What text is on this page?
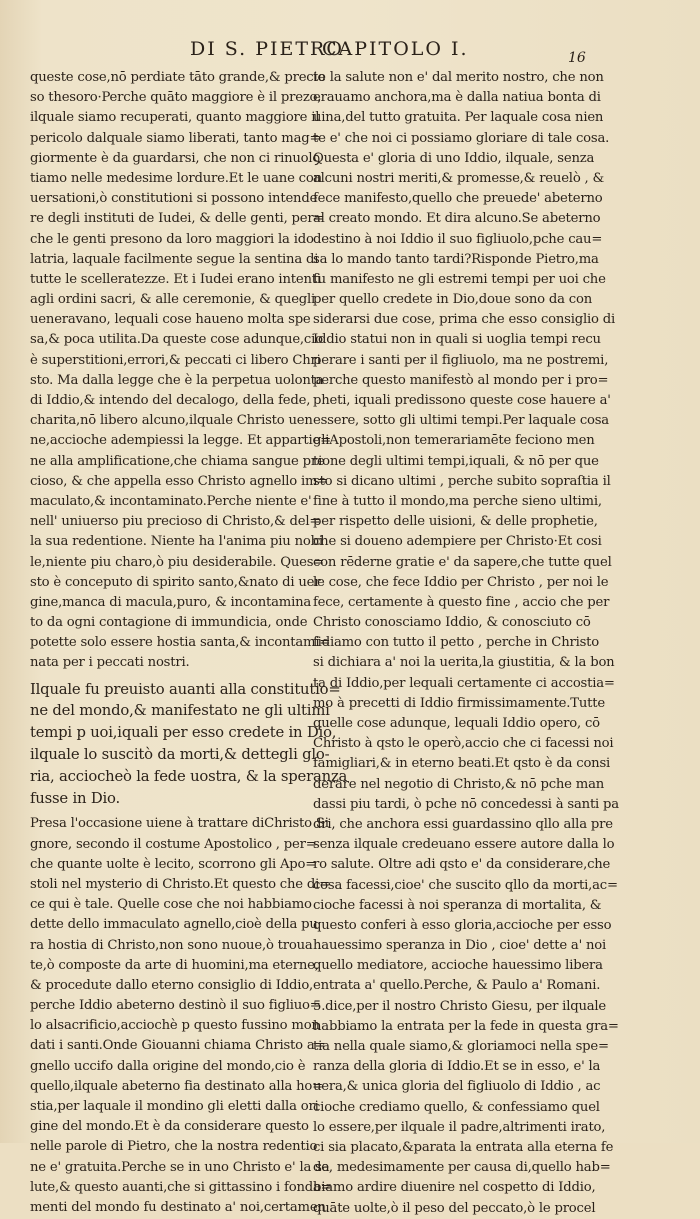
DI S. PIETRO
CAPITOLO I.	16
queste cose,nō perdiate tāto grande,& precio
so thesoro·Perche quāto maggiore è il prezo,
ilquale siamo recuperati, quanto maggiore il
pericolo dalquale siamo liberati, tanto mag=
giormente è da guardarsi, che non ci rinuolꝯ
tiamo nelle medesime lordure.Et le uane con
uersationi,ò constitutioni si possono intende
re degli instituti de Iudei, & delle genti, per=
che le genti presono da loro maggiori la ido
latria, laquale facilmente segue la sentina di
tutte le scelleratezze. Et i Iudei erano intenti
agli ordini sacri, & alle ceremonie, & quegli
ueneravano, lequali cose haueno molta spe
sa,& poca utilita.Da queste cose adunque,cio
è superstitioni,errori,& peccati ci libero Chri
sto. Ma dalla legge che è la perpetua uolonta
di Iddio,& intendo del decalogo, della fede,
charita,nō libero alcuno,ilquale Christo uen
ne,accioche adempiessi la legge. Et appartie=
ne alla amplificatione,che chiama sangue pre
cioso, & che appella esso Christo agnello im=
maculato,& incontaminato.Perche niente e'
nell' uniuerso piu precioso di Christo,& del=
la sua redentione. Niente ha l'anima piu nobi
le,niente piu charo,ò piu desiderabile. Ques=
sto è conceputo di spirito santo,&nato di uer
gine,manca di macula,puro, & incontamina
to da ogni contagione di immundicia, onde
potette solo essere hostia santa,& incontami=
nata per i peccati nostri.
Ilquale fu preuisto auanti alla constitutio=
ne del mondo,& manifestato ne gli ultimi
tempi p uoi,iquali per esso credete in Dio,
ilquale lo suscitò da morti,& dettegli glo-
ria, acciocheò la fede uostra, & la speranza
fusse in Dio.
Presa l'occasione uiene à trattare diChristo Si
gnore, secondo il costume Apostolico , per=
che quante uolte è lecito, scorrono gli Apo=
stoli nel mysterio di Christo.Et questo che di=
ce qui è tale. Quelle cose che noi habbiamo
dette dello immaculato agnello,cioè della pu
ra hostia di Christo,non sono nuoue,ò troua
te,ò composte da arte di huomini,ma eterne,
& procedute dallo eterno consiglio di Iddio,
perche Iddio abeterno destinò il suo figliuo=
lo alsacrificio,acciochè p questo fussino mon
dati i santi.Onde Giouanni chiama Christo a=
gnello uccifo dalla origine del mondo,cio è
quello,ilquale abeterno fia destinato alla ho=
stia,per laquale il mondino gli eletti dalla ori
gine del mondo.Et è da considerare questo
nelle parole di Pietro, che la nostra redentio
ne e' gratuita.Perche se in uno Christo e' la sa
lute,& questo auanti,che si gittassino i fonda=
menti del mondo fu destinato a' noi,certamen
te la salute non e' dal merito nostro, che non
erauamo anchora,ma è dalla natiua bonta di
uina,del tutto gratuita. Per laquale cosa nien
te e' che noi ci possiamo gloriare di tale cosa.
Questa e' gloria di uno Iddio, ilquale, senza
alcuni nostri meriti,& promesse,& reuelò , &
fece manifesto,quello che preuede' abeterno
al creato mondo. Et dira alcuno.Se abeterno
destino à noi Iddio il suo figliuolo,pche cau=
sa lo mando tanto tardi?Risponde Pietro,ma
fu manifesto ne gli estremi tempi per uoi che
per quello credete in Dio,doue sono da con
siderarsi due cose, prima che esso consiglio di
Iddio statui non in quali si uoglia tempi recu
perare i santi per il figliuolo, ma ne postremi,
perche questo manifestò al mondo per i pro=
pheti, iquali predissono queste cose hauere a'
essere, sotto gli ultimi tempi.Per laquale cosa
gliApostoli,non temerariamēte feciono men
tione degli ultimi tempi,iquali, & nō per que
sto si dicano ultimi , perche subito sopraſtia il
fine à tutto il mondo,ma perche sieno ultimi,
per rispetto delle uisioni, & delle prophetie,
che si doueno adempiere per Christo·Et cosi
con rēderne gratie e' da sapere,che tutte quel
le cose, che fece Iddio per Christo , per noi le
fece, certamente à questo fine , accio che per
Christo conosciamo Iddio, & conosciuto cō
fidiamo con tutto il petto , perche in Christo
si dichiara a' noi la uerita,la giustitia, & la bon
ta di Iddio,per lequali certamente ci accostia=
mo à precetti di Iddio firmissimamente.Tutte
quelle cose adunque, lequali Iddio opero, cō
Christo à qsto le operò,accio che ci facessi noi
famigliari,& in eterno beati.Et qsto è da consi
derare nel negotio di Christo,& nō pche man
dassi piu tardi, ò pche nō concedessi à santi pa
dri, che anchora essi guardassino qllo alla pre
senza ilquale credeuano essere autore dalla lo
ro salute. Oltre adi qsto e' da considerare,che
cosa facessi,cioe' che suscito qllo da morti,ac=
cioche facessi à noi speranza di mortalita, &
questo conferi à esso gloria,accioche per esso
hauessimo speranza in Dio , cioe' dette a' noi
quello mediatore, accioche hauessimo libera
entrata a' quello.Perche, & Paulo a' Romani.
5.dice,per il nostro Christo Giesu, per ilquale
habbiamo la entrata per la fede in questa gra=
tia nella quale siamo,& gloriamoci nella spe=
ranza della gloria di Iddio.Et se in esso, e' la
uera,& unica gloria del figliuolo di Iddio , ac
cioche crediamo quello, & confessiamo quel
lo essere,per ilquale il padre,altrimenti irato,
ci sia placato,&parata la entrata alla eterna fe
de, medesimamente per causa di,quello hab=
biamo ardire diuenire nel cospetto di Iddio,
quāte uolte,ò il peso del peccato,ò le procel
